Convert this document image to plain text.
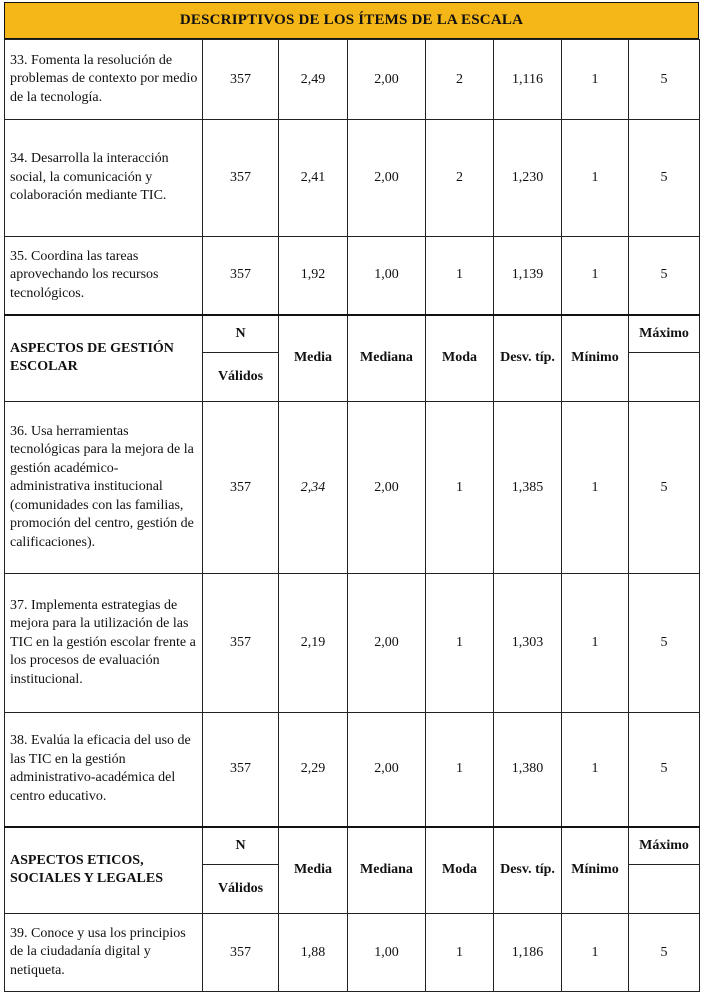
DESCRIPTIVOS DE LOS ÍTEMS DE LA ESCALA
33. Fomenta la resolución de problemas de contexto por medio de la tecnología.	357	2,49	2,00	2	1,116	1	5
34. Desarrolla la interacción social, la comunicación y colaboración mediante TIC.	357	2,41	2,00	2	1,230	1	5
35. Coordina las tareas aprovechando los recursos tecnológicos.	357	1,92	1,00	1	1,139	1	5
ASPECTOS DE GESTIÓN ESCOLAR	N	Media	Mediana	Moda	Desv. típ.	Mínimo	Máximo
	Válidos						
36. Usa herramientas tecnológicas para la mejora de la gestión académico-administrativa institucional (comunidades con las familias, promoción del centro, gestión de calificaciones).	357	2,34	2,00	1	1,385	1	5
37. Implementa estrategias de mejora para la utilización de las TIC en la gestión escolar frente a los procesos de evaluación institucional.	357	2,19	2,00	1	1,303	1	5
38. Evalúa la eficacia del uso de las TIC en la gestión administrativo-académica del centro educativo.	357	2,29	2,00	1	1,380	1	5
ASPECTOS ETICOS, SOCIALES Y LEGALES	N	Media	Mediana	Moda	Desv. típ.	Mínimo	Máximo
	Válidos						
39. Conoce y usa los principios de la ciudadanía digital y netiqueta.	357	1,88	1,00	1	1,186	1	5
